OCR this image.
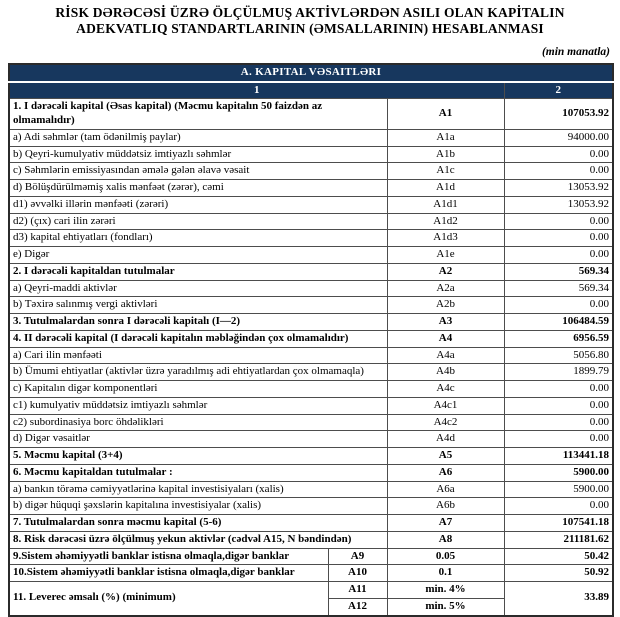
RİSK DƏRƏCƏSİ ÜZRƏ ÖLÇÜLMUŞ AKTİVLƏRDƏN ASILI OLAN KAPİTALIN
ADEKVATLIQ STANDARTLARININ (ƏMSALLARININ) HESABLANMASI
(min manatla)
A. KAPITAL VƏSAITLƏRI			
1			2
1. I dərəcəli kapital (Əsas kapital) (Məcmu kapitalın 50 faizdən az olmamalıdır)		A1	107053.92
a) Adi səhmlər (tam ödənilmiş paylar)		A1a	94000.00
b) Qeyri-kumulyativ müddətsiz imtiyazlı səhmlər		A1b	0.00
c) Səhmlərin emissiyasından əmələ gələn əlavə vəsait		A1c	0.00
d) Bölüşdürülməmiş xalis mənfəət (zərər), cəmi		A1d	13053.92
d1) əvvəlki illərin mənfəəti (zərəri)		A1d1	13053.92
d2) (çıx) cari ilin zərəri		A1d2	0.00
d3) kapital ehtiyatları (fondları)		A1d3	0.00
e) Digər		A1e	0.00
2. I dərəcəli kapitaldan tutulmalar		A2	569.34
a) Qeyri-maddi aktivlər		A2a	569.34
b) Təxirə salınmış vergi aktivləri		A2b	0.00
3. Tutulmalardan sonra I dərəcəli kapitalı (I—2)		A3	106484.59
4. II dərəcəli kapital (I dərəcəli kapitalın məbləğindən çox olmamalıdır)		A4	6956.59
a) Cari ilin mənfəəti		A4a	5056.80
b) Ümumi ehtiyatlar (aktivlər üzrə yaradılmış adi ehtiyatlardan çox olmamaqla)		A4b	1899.79
c) Kapitalın digər komponentləri		A4c	0.00
c1) kumulyativ müddətsiz imtiyazlı səhmlər		A4c1	0.00
c2) subordinasiya borc öhdəlikləri		A4c2	0.00
d) Digər vəsaitlər		A4d	0.00
5. Məcmu kapital (3+4)		A5	113441.18
6. Məcmu kapitaldan tutulmalar :		A6	5900.00
a) bankın törəmə cəmiyyətlərinə kapital investisiyaları (xalis)		A6a	5900.00
b) digər hüquqi şəxslərin kapitalına investisiyalar (xalis)		A6b	0.00
7. Tutulmalardan sonra məcmu kapital (5-6)		A7	107541.18
8. Risk dərəcəsi üzrə ölçülmuş yekun aktivlər (cədvəl A15, N bəndindən)		A8	211181.62
9.Sistem əhəmiyyətli banklar istisna olmaqla,digər banklar	A9	0.05	50.42
10.Sistem əhəmiyyətli banklar istisna olmaqla,digər banklar	A10	0.1	50.92
11. Leverec əmsalı (%) (minimum)	A11	min. 4%	33.89
	A12	min. 5%	
